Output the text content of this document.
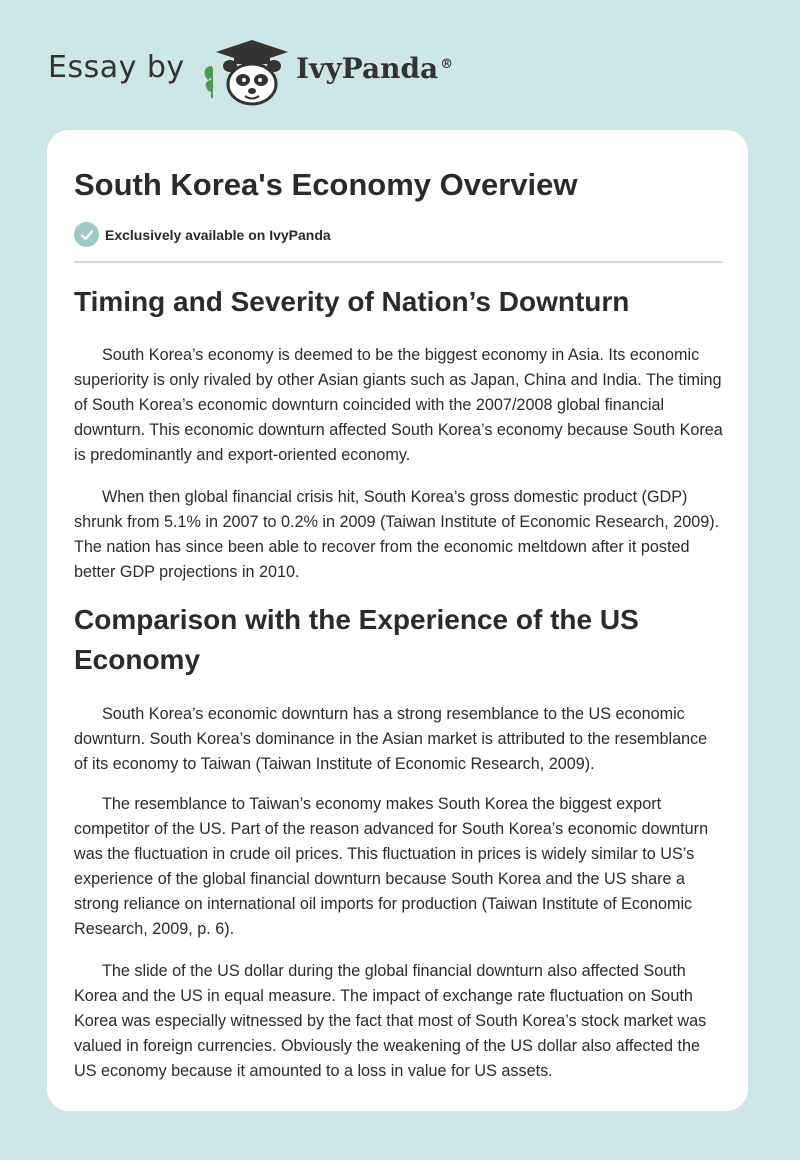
Essay by	IvyPanda ®
South Korea's Economy Overview
Exclusively available on IvyPanda
Timing and Severity of Nation’s Downturn

South Korea’s economy is deemed to be the biggest economy in Asia. Its economic superiority is only rivaled by other Asian giants such as Japan, China and India. The timing of South Korea’s economic downturn coincided with the 2007/2008 global financial downturn. This economic downturn affected South Korea’s economy because South Korea is predominantly and export-oriented economy.

When then global financial crisis hit, South Korea’s gross domestic product (GDP) shrunk from 5.1% in 2007 to 0.2% in 2009 (Taiwan Institute of Economic Research, 2009). The nation has since been able to recover from the economic meltdown after it posted better GDP projections in 2010.

Comparison with the Experience of the US Economy

South Korea’s economic downturn has a strong resemblance to the US economic downturn. South Korea’s dominance in the Asian market is attributed to the resemblance of its economy to Taiwan (Taiwan Institute of Economic Research, 2009).

The resemblance to Taiwan’s economy makes South Korea the biggest export competitor of the US. Part of the reason advanced for South Korea’s economic downturn was the fluctuation in crude oil prices. This fluctuation in prices is widely similar to US’s experience of the global financial downturn because South Korea and the US share a strong reliance on international oil imports for production (Taiwan Institute of Economic Research, 2009, p. 6).

The slide of the US dollar during the global financial downturn also affected South Korea and the US in equal measure. The impact of exchange rate fluctuation on South Korea was especially witnessed by the fact that most of South Korea’s stock market was valued in foreign currencies. Obviously the weakening of the US dollar also affected the US economy because it amounted to a loss in value for US assets.
